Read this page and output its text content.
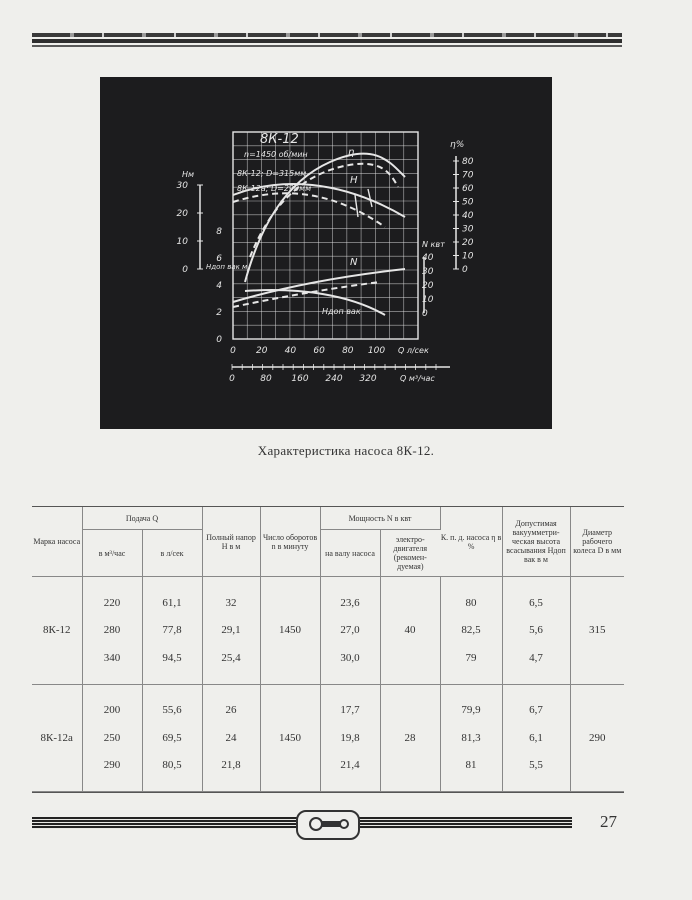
8К-12
n=1450 об/мин
8К-12; D=315мм
8К-12а; D=290мм
Hм
0
10
20
30
Hдоп вак м
0
2
4
6
8
η%
0
10
20
30
40
50
60
70
80
N квт
0
10
20
30
40
0 20 40 60 80 100 Q л/сек
0	80 160 240 320	Q м³/час
η
H
N
Hдоп вак
Характеристика насоса 8К-12.
Марка насоса	Подача Q		Полный напор H в м	Число оборотов n в минуту	Мощность N в квт		К. п. д. насоса η в %	Допустимая вакуумметри- ческая высота всасывания Hдоп вак в м	Диаметр рабочего колеса D в мм
	в м³/час	в л/сек			на валу насоса	электро- двигателя (рекомен- дуемая)			
8К-12	220
280
340	61,1
77,8
94,5	32
29,1
25,4	1450	23,6
27,0
30,0	40	80
82,5
79	6,5
5,6
4,7	315
8К-12а	200
250
290	55,6
69,5
80,5	26
24
21,8	1450	17,7
19,8
21,4	28	79,9
81,3
81	6,7
6,1
5,5	290
27
